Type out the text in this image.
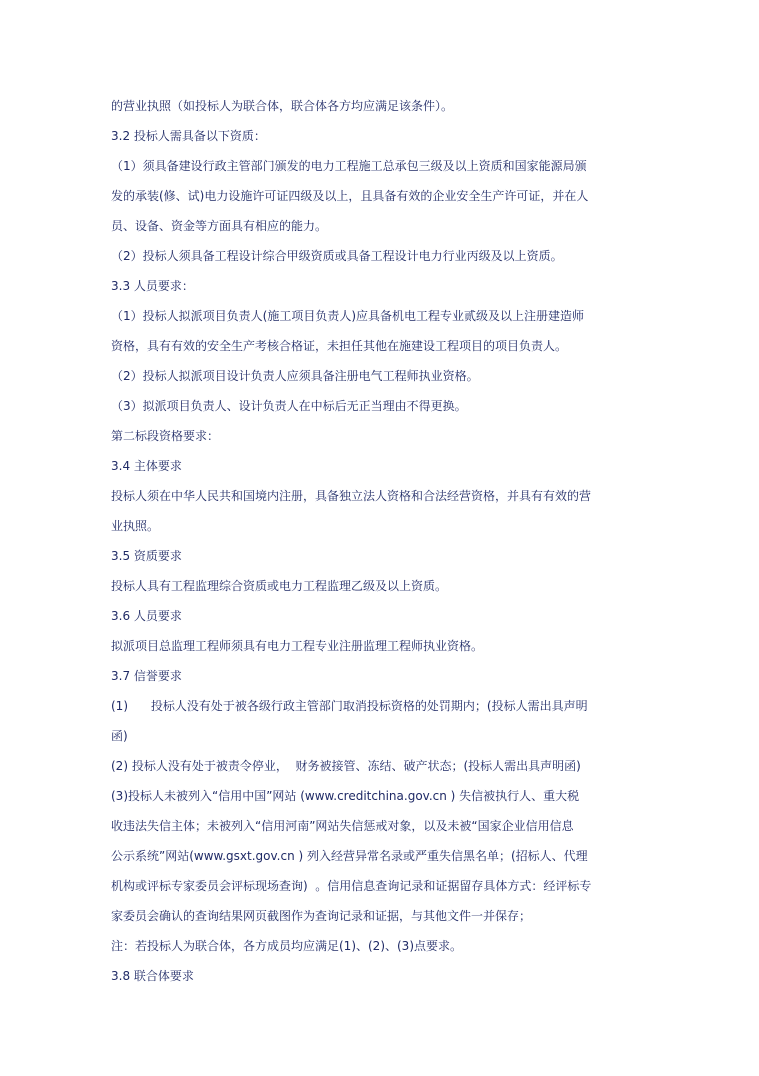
的营业执照（如投标人为联合体，联合体各方均应满足该条件）。

3.2 投标人需具备以下资质：

（1）须具备建设行政主管部门颁发的电力工程施工总承包三级及以上资质和国家能源局颁

发的承装(修、试)电力设施许可证四级及以上，且具备有效的企业安全生产许可证，并在人

员、设备、资金等方面具有相应的能力。

（2）投标人须具备工程设计综合甲级资质或具备工程设计电力行业丙级及以上资质。

3.3 人员要求：

（1）投标人拟派项目负责人(施工项目负责人)应具备机电工程专业贰级及以上注册建造师

资格，具有有效的安全生产考核合格证，未担任其他在施建设工程项目的项目负责人。

（2）投标人拟派项目设计负责人应须具备注册电气工程师执业资格。

（3）拟派项目负责人、设计负责人在中标后无正当理由不得更换。

第二标段资格要求：

3.4 主体要求

投标人须在中华人民共和国境内注册，具备独立法人资格和合法经营资格，并具有有效的营

业执照。

3.5 资质要求

投标人具有工程监理综合资质或电力工程监理乙级及以上资质。

3.6 人员要求

拟派项目总监理工程师须具有电力工程专业注册监理工程师执业资格。

3.7 信誉要求

(1)      投标人没有处于被各级行政主管部门取消投标资格的处罚期内；(投标人需出具声明

函)

(2) 投标人没有处于被责令停业，  财务被接管、冻结、破产状态；(投标人需出具声明函)

(3)投标人未被列入“信用中国”网站 (www.creditchina.gov.cn ) 失信被执行人、重大税

收违法失信主体；未被列入“信用河南”网站失信惩戒对象，以及未被“国家企业信用信息

公示系统”网站(www.gsxt.gov.cn ) 列入经营异常名录或严重失信黑名单；(招标人、代理

机构或评标专家委员会评标现场查询)  。信用信息查询记录和证据留存具体方式：经评标专

家委员会确认的查询结果网页截图作为查询记录和证据，与其他文件一并保存；

注：若投标人为联合体，各方成员均应满足(1)、(2)、(3)点要求。

3.8 联合体要求
